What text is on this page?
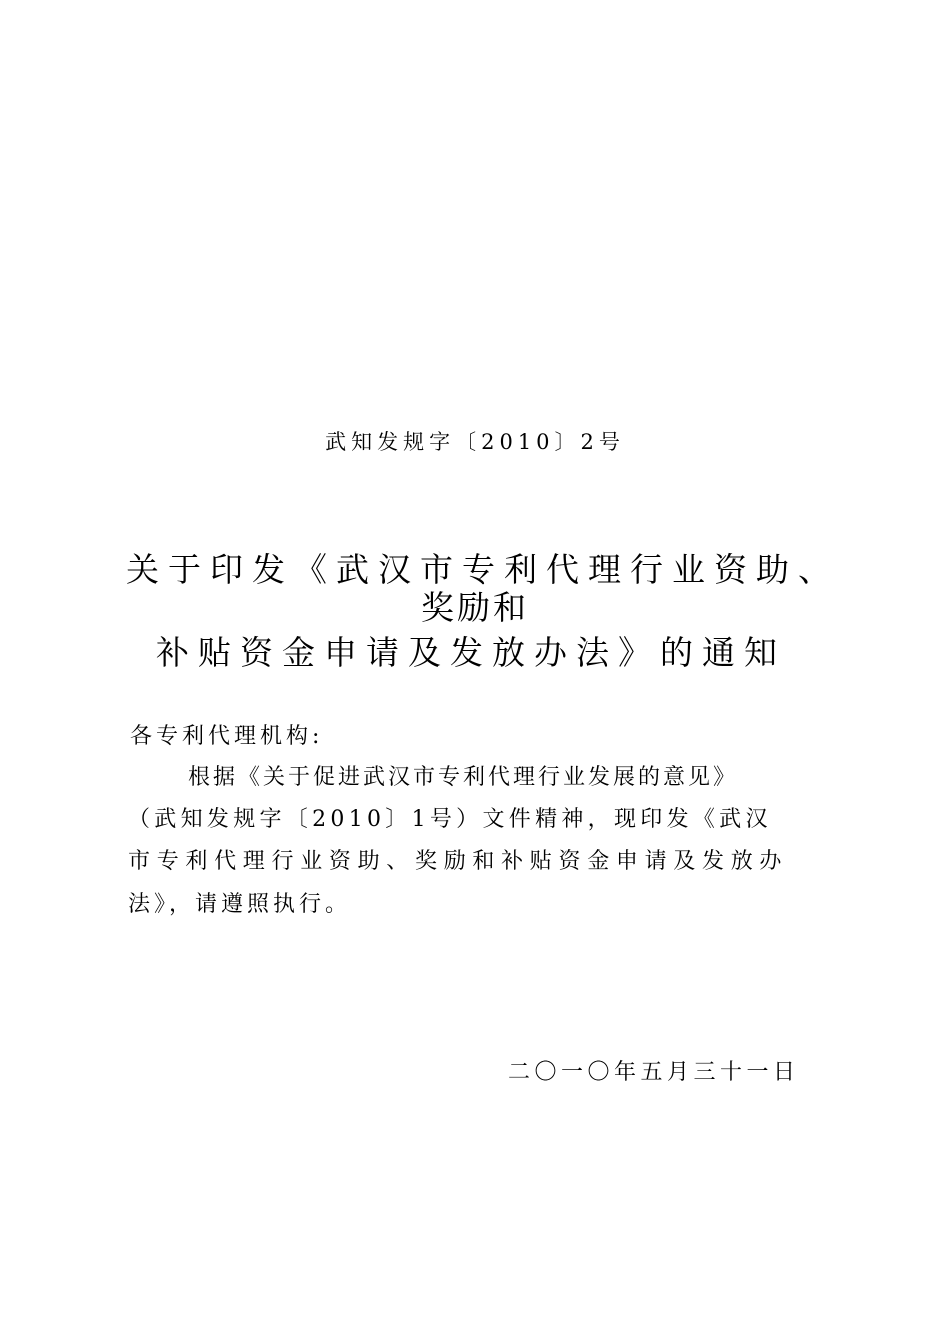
武知发规字〔2010〕2号
关于印发《武汉市专利代理行业资助、
奖励和
补贴资金申请及发放办法》的通知
各专利代理机构:
根据《关于促进武汉市专利代理行业发展的意见》
（武知发规字〔2010〕1号）文件精神，现印发《武汉
市专利代理行业资助、奖励和补贴资金申请及发放办
法》，请遵照执行。
二〇一〇年五月三十一日
